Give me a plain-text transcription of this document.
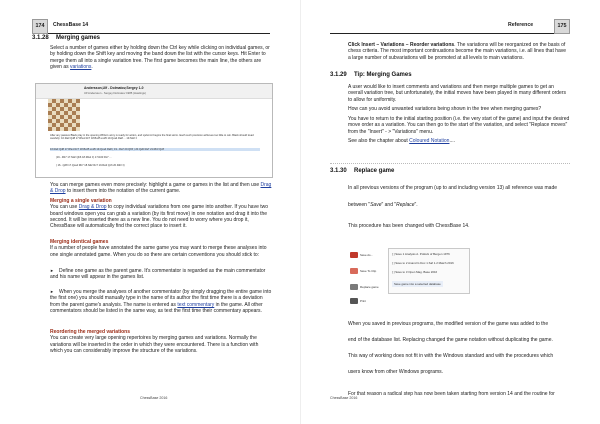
174	ChessBase 14
3.1.28 Merging games
Select a number of games either by holding down the Ctrl key while clicking on individual games, or by holding down the Shift key and moving the band down the list with the cursor keys. Hit Enter to merge them all into a single variation tree. The first game becomes the main line, the others are given as variations.
Andersson,Ulf - Dolmatov,Sergey 1-0
Ulf Andersson - Sergey Dolmatov 1985 (Hastings)
After any passive Black play in the opening White's army is ready for action, and Ljubomir begins the final storm. Each such precision achieves too little to win. Black should tread carefully: 16.Ra3 Qd8 17.Rfa1 Rc7 18.Bxd5 exd5 19.Qxa4 Ra8 ... 19.Nd2 ±
16.Ra3 Qd8 17.Rfa1 Rc7 18.Bxd5 exd5 19.Qxa4 Ra8 ( 19...Ra7 20.Qb5 ) 20.Qa5 Ra7 21.Rb3 Qc8
(16...Rb7 17.Nd2 Qb6 18.Rfa1 ±) 17.Rd3 Rc7 ...
( 16...Qd8 17.Qxa4 Rb7 18.Nd2 Rc7 19.Ra3 Qc6 20.Rd3 ±)
You can merge games even more precisely: highlight a game or games in the list and then use Drag & Drop to insert them into the notation of the current game.
Merging a single variation
You can use Drag & Drop to copy individual variations from one game into another. If you have two board windows open you can grab a variation (by its first move) in one notation and drag it into the second. It will be inserted there as a new line. You do not need to worry where you drop it, ChessBase will automatically find the correct place to insert it.
Merging identical games
If a number of people have annotated the same game you may want to merge these analyses into one single annotated game. When you do so there are certain conventions you should stick to:
► Define one game as the parent game. It's commentator is regarded as the main commentator and his name will appear in the games list.
► When you merge the analyses of another commentator (by simply dragging the entire game into the first one) you should manually type in the name of its author the first time there is a deviation from the parent game's analysis. The name is entered as text commentary in the game. All other commentators should be listed in the same way, as text the first time their commentary appears.
Reordering the merged variations
You can create very large opening repertoires by merging games and variations. Normally the variations will be inserted in the order in which they were encountered. There is a function with which you can considerably improve the structure of the variations.
ChessBase 2016
Reference	175
Click Insert – Variations – Reorder variations. The variations will be reorganized on the basis of chess criteria. The most important continuations become the main variations, i.e. all lines that have a large number of subvariations will be promoted at all levels to main variations.
3.1.29 Tip: Merging Games

A user would like to insert comments and variations and then merge multiple games to get an overall variation tree, but unfortunately, the initial moves have been played in many different orders to allow for uniformity.

How can you avoid unwanted variations being shown in the tree when merging games?

You have to return to the initial starting position (i.e. the very start of the game) and input the desired move order as a variation. You can then go to the start of the variation, and select "Replace moves" from the "Insert" - > "Variations" menu.

See also the chapter about Coloured Notation....

3.1.30 Replace game
In all previous versions of the program (up to and including version 13) all reference was made
between "Save" and "Replace".
This procedure has been changed with ChessBase 14.
Save As...
Save To Clip
Replace game
Print
[ ] Save 1 Analysis A. Pollock of Bergen 1976
[ ] Save to 2 Anand G Doc 1.Saf 1.2 Match 2016
[ ] Save to 3 Open Mag. Base 2016
Save game into a selected database
When you saved in previous programs, the modified version of the game was added to the
end of the database list. Replacing changed the game notation without duplicating the game.
This way of working does not fit in with the Windows standard and with the procedures which
users know from other Windows programs.
For that reason a radical step has now been taken starting from version 14 and the routine for
ChessBase 2016
